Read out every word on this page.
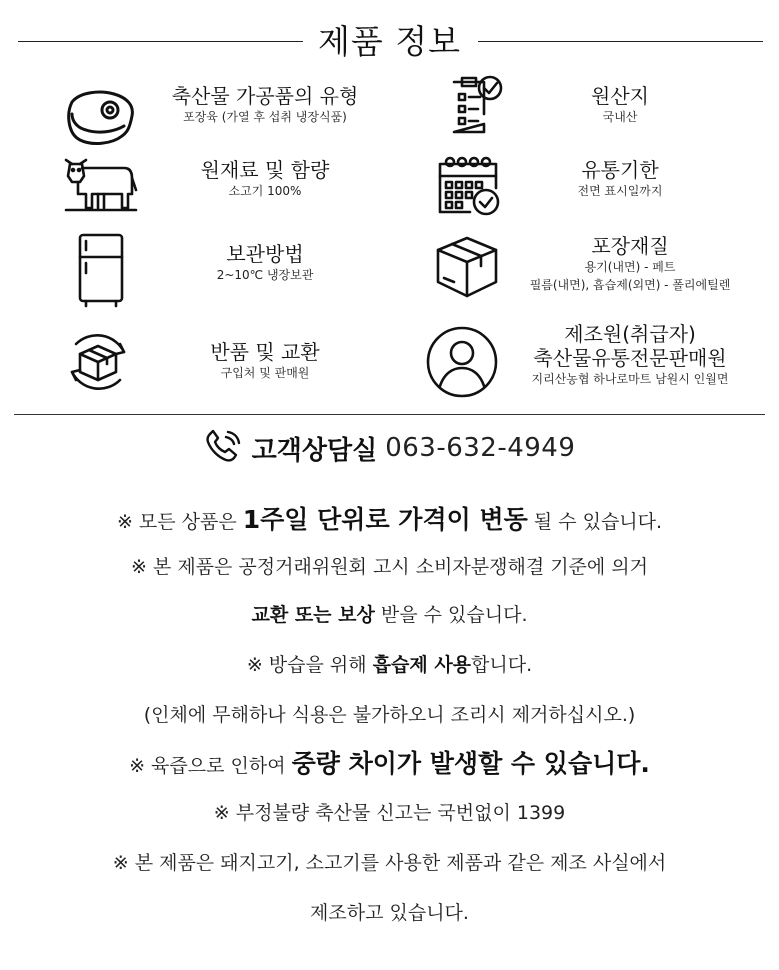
제품 정보
축산물 가공품의 유형
포장육 (가열 후 섭취 냉장식품)
원산지
국내산
원재료 및 함량
소고기 100%
유통기한
전면 표시일까지
보관방법
2~10℃ 냉장보관
포장재질
용기(내면) - 페트
필름(내면), 흡습제(외면) - 폴리에틸렌
반품 및 교환
구입처 및 판매원
제조원(취급자)
축산물유통전문판매원
지리산농협 하나로마트 남원시 인월면
고객상담실 063-632-4949
※ 모든 상품은 1주일 단위로 가격이 변동 될 수 있습니다.
※ 본 제품은 공정거래위원회 고시 소비자분쟁해결 기준에 의거
교환 또는 보상 받을 수 있습니다.
※ 방습을 위해 흡습제 사용합니다.
(인체에 무해하나 식용은 불가하오니 조리시 제거하십시오.)
※ 육즙으로 인하여 중량 차이가 발생할 수 있습니다.
※ 부정불량 축산물 신고는 국번없이 1399
※ 본 제품은 돼지고기, 소고기를 사용한 제품과 같은 제조 사실에서
제조하고 있습니다.
